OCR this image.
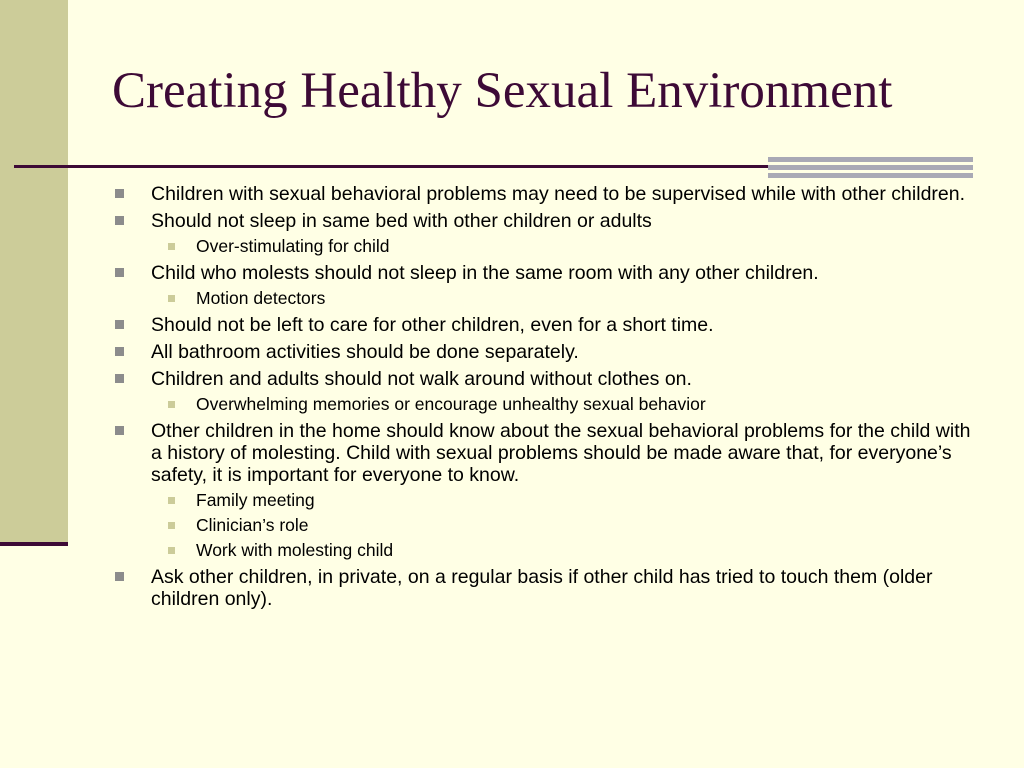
Creating Healthy Sexual Environment
Children with sexual behavioral problems may need to be supervised while with other children.
Should not sleep in same bed with other children or adults
Over-stimulating for child
Child who molests should not sleep in the same room with any other children.
Motion detectors
Should not be left to care for other children, even for a short time.
All bathroom activities should be done separately.
Children and adults should not walk around without clothes on.
Overwhelming memories or encourage unhealthy sexual behavior
Other children in the home should know about the sexual behavioral problems for the child with a history of molesting. Child with sexual problems should be made aware that, for everyone’s safety, it is important for everyone to know.
Family meeting
Clinician’s role
Work with molesting child
Ask other children, in private, on a regular basis if other child has tried to touch them (older children only).
